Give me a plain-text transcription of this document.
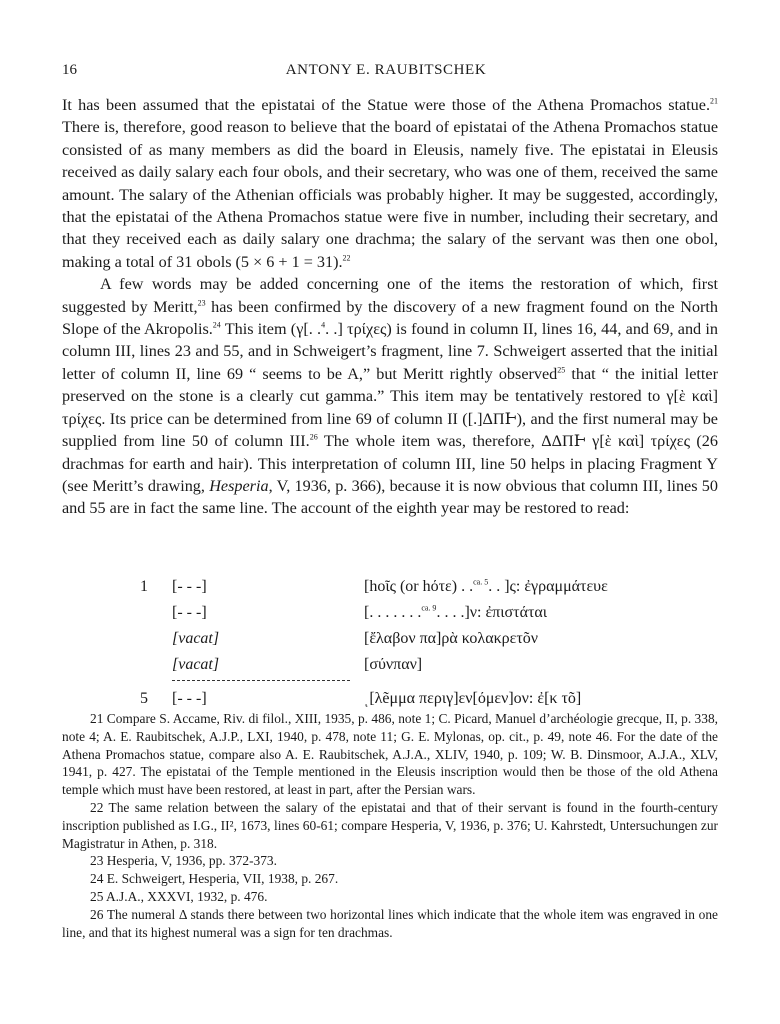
16	ANTONY E. RAUBITSCHEK

It has been assumed that the epistatai of the Statue were those of the Athena Promachos statue.$^{21}$ There is, therefore, good reason to believe that the board of epistatai of the Athena Promachos statue consisted of as many members as did the board in Eleusis, namely five. The epistatai in Eleusis received as daily salary each four obols, and their secretary, who was one of them, received the same amount. The salary of the Athenian officials was probably higher. It may be suggested, accordingly, that the epistatai of the Athena Promachos statue were five in number, including their secretary, and that they received each as daily salary one drachma; the salary of the servant was then one obol, making a total of 31 obols (5 × 6 + 1 = 31).$^{22}$

A few words may be added concerning one of the items the restoration of which, first suggested by Meritt,$^{23}$ has been confirmed by the discovery of a new fragment found on the North Slope of the Akropolis.$^{24}$ This item (γ[. .$^4$. .] τρίχες) is found in column II, lines 16, 44, and 69, and in column III, lines 23 and 55, and in Schweigert’s fragment, line 7. Schweigert asserted that the initial letter of column II, line 69 “ seems to be A,” but Meritt rightly observed$^{25}$ that “ the initial letter preserved on the stone is a clearly cut gamma.” This item may be tentatively restored to γ[ὲ καὶ] τρίχες. Its price can be determined from line 69 of column II ([.]ΔΠͰ), and the first numeral may be supplied from line 50 of column III.$^{26}$ The whole item was, therefore, ΔΔΠͰ γ[ὲ καὶ] τρίχες (26 drachmas for earth and hair). This interpretation of column III, line 50 helps in placing Fragment Y (see Meritt’s drawing, Hesperia, V, 1936, p. 366), because it is now obvious that column III, lines 50 and 55 are in fact the same line. The account of the eighth year may be restored to read:

1 [- - -]	[hoῖς (or hότε) . .$^{ca. 5}$. . ]ς: ἐγραμμάτευε
[- - -]	[. . . . . . .$^{ca. 9}$. . . .]ν: ἐπιστάται
[vacat]	[ἔλαβον πα]ρὰ κολακρετõν
[vacat]	[σύνπαν]
5 [- - -]	ͺ[λẽμμα περιγ]εν[όμεν]ον: ἐ[κ τõ]

21 Compare S. Accame, Riv. di filol., XIII, 1935, p. 486, note 1; C. Picard, Manuel d’archéologie grecque, II, p. 338, note 4; A. E. Raubitschek, A.J.P., LXI, 1940, p. 478, note 11; G. E. Mylonas, op. cit., p. 49, note 46. For the date of the Athena Promachos statue, compare also A. E. Raubitschek, A.J.A., XLIV, 1940, p. 109; W. B. Dinsmoor, A.J.A., XLV, 1941, p. 427. The epistatai of the Temple mentioned in the Eleusis inscription would then be those of the old Athena temple which must have been restored, at least in part, after the Persian wars.

22 The same relation between the salary of the epistatai and that of their servant is found in the fourth-century inscription published as I.G., II², 1673, lines 60-61; compare Hesperia, V, 1936, p. 376; U. Kahrstedt, Untersuchungen zur Magistratur in Athen, p. 318.

23 Hesperia, V, 1936, pp. 372-373.

24 E. Schweigert, Hesperia, VII, 1938, p. 267.

25 A.J.A., XXXVI, 1932, p. 476.

26 The numeral Δ stands there between two horizontal lines which indicate that the whole item was engraved in one line, and that its highest numeral was a sign for ten drachmas.
